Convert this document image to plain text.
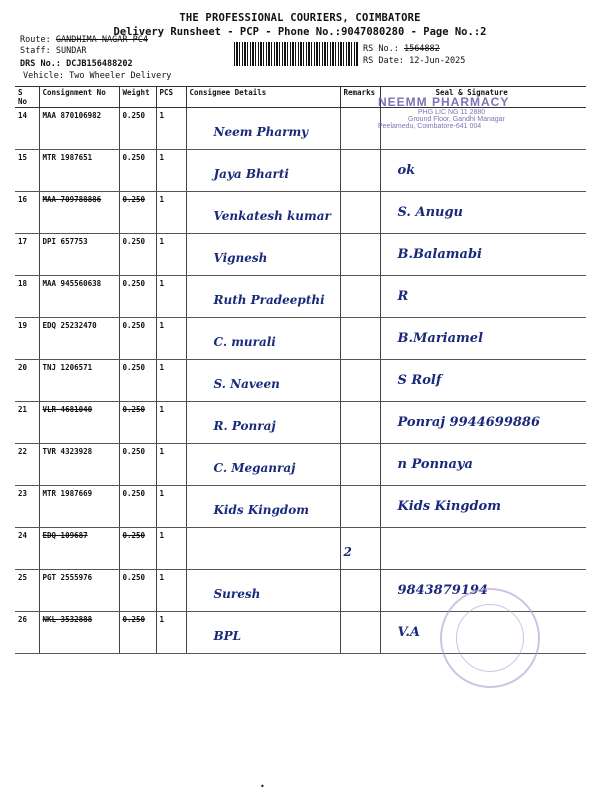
THE PROFESSIONAL COURIERS, COIMBATORE
Delivery Runsheet - PCP - Phone No.:9047080280 - Page No.:2
Route: GANDHIMA NAGAR PC4
Staff: SUNDAR
DRS No.: DCJB156488202
Vehicle: Two Wheeler Delivery
RS No.: 1564882
RS Date: 12-Jun-2025
S No	Consignment No	Weight	PCS	Consignee Details	Remarks	Seal & Signature
14	MAA 870106982	0.250	1	Neem Pharmy		
15	MTR 1987651	0.250	1	Jaya Bharti		ok
16	MAA 709788886	0.250	1	Venkatesh kumar		S. Anugu
17	DPI 657753	0.250	1	Vignesh		B.Balamabi
18	MAA 945560638	0.250	1	Ruth Pradeepthi		R
19	EDQ 25232470	0.250	1	C. murali		B.Mariamel
20	TNJ 1206571	0.250	1	S. Naveen		S Rolf
21	VLR 4681040	0.250	1	R. Ponraj		Ponraj 9944699886
22	TVR 4323928	0.250	1	C. Meganraj		n Ponnaya
23	MTR 1987669	0.250	1	Kids Kingdom		Kids Kingdom
24	EDQ 109687	0.250	1		2	
25	PGT 2555976	0.250	1	Suresh		9843879194
26	NKL 3532888	0.250	1	BPL		V.A
NEEMM PHARMACY
PHG LIC NG 11 2880
Ground Floor, Gandhi Managar
Peelamedu, Coimbatore-641 004
•
